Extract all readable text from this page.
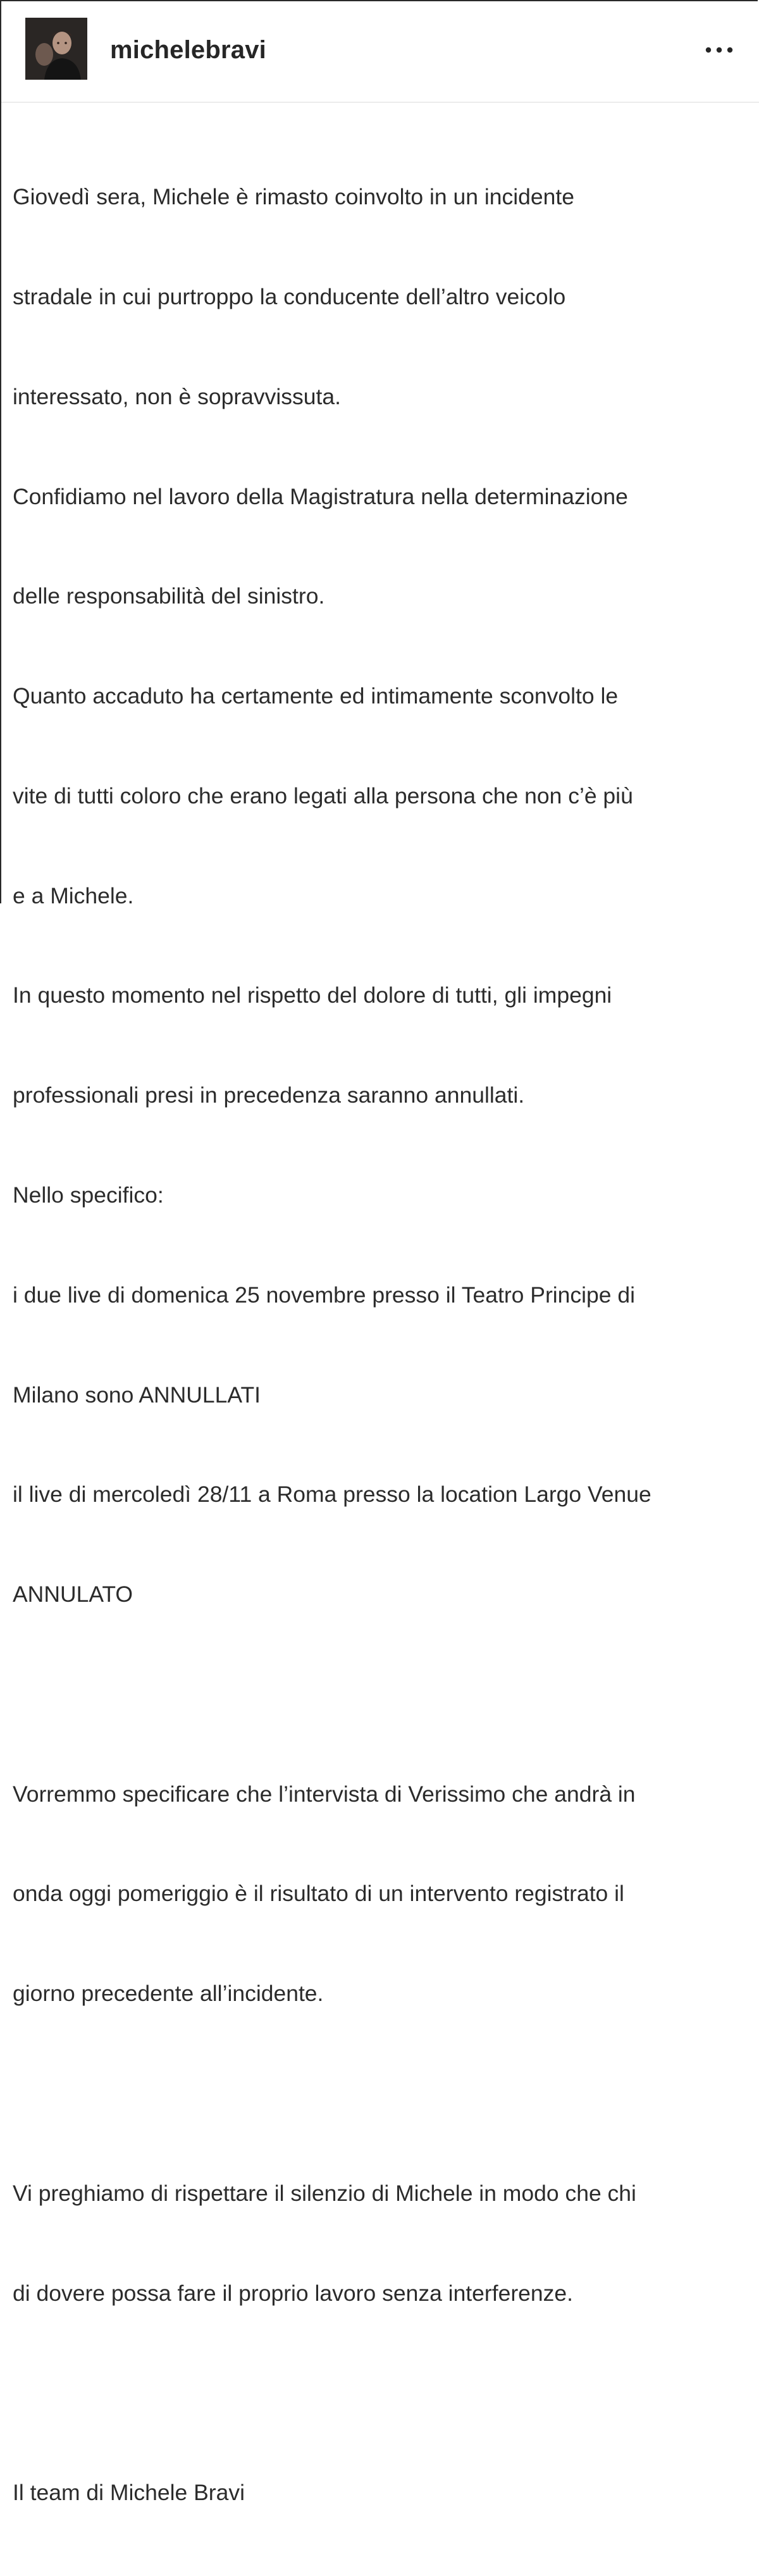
michelebravi

Giovedì sera, Michele è rimasto coinvolto in un incidente

stradale in cui purtroppo la conducente dell’altro veicolo

interessato, non è sopravvissuta.

Confidiamo nel lavoro della Magistratura nella determinazione

delle responsabilità del sinistro.

Quanto accaduto ha certamente ed intimamente sconvolto le

vite di tutti coloro che erano legati alla persona che non c’è più

e a Michele.

In questo momento nel rispetto del dolore di tutti, gli impegni

professionali presi in precedenza saranno annullati.

Nello specifico:

i due live di domenica 25 novembre presso il Teatro Principe di

Milano sono ANNULLATI

il live di mercoledì 28/11 a Roma presso la location Largo Venue

ANNULATO

Vorremmo specificare che l’intervista di Verissimo che andrà in

onda oggi pomeriggio è il risultato di un intervento registrato il

giorno precedente all’incidente.

Vi preghiamo di rispettare il silenzio di Michele in modo che chi

di dovere possa fare il proprio lavoro senza interferenze.

Il team di Michele Bravi
